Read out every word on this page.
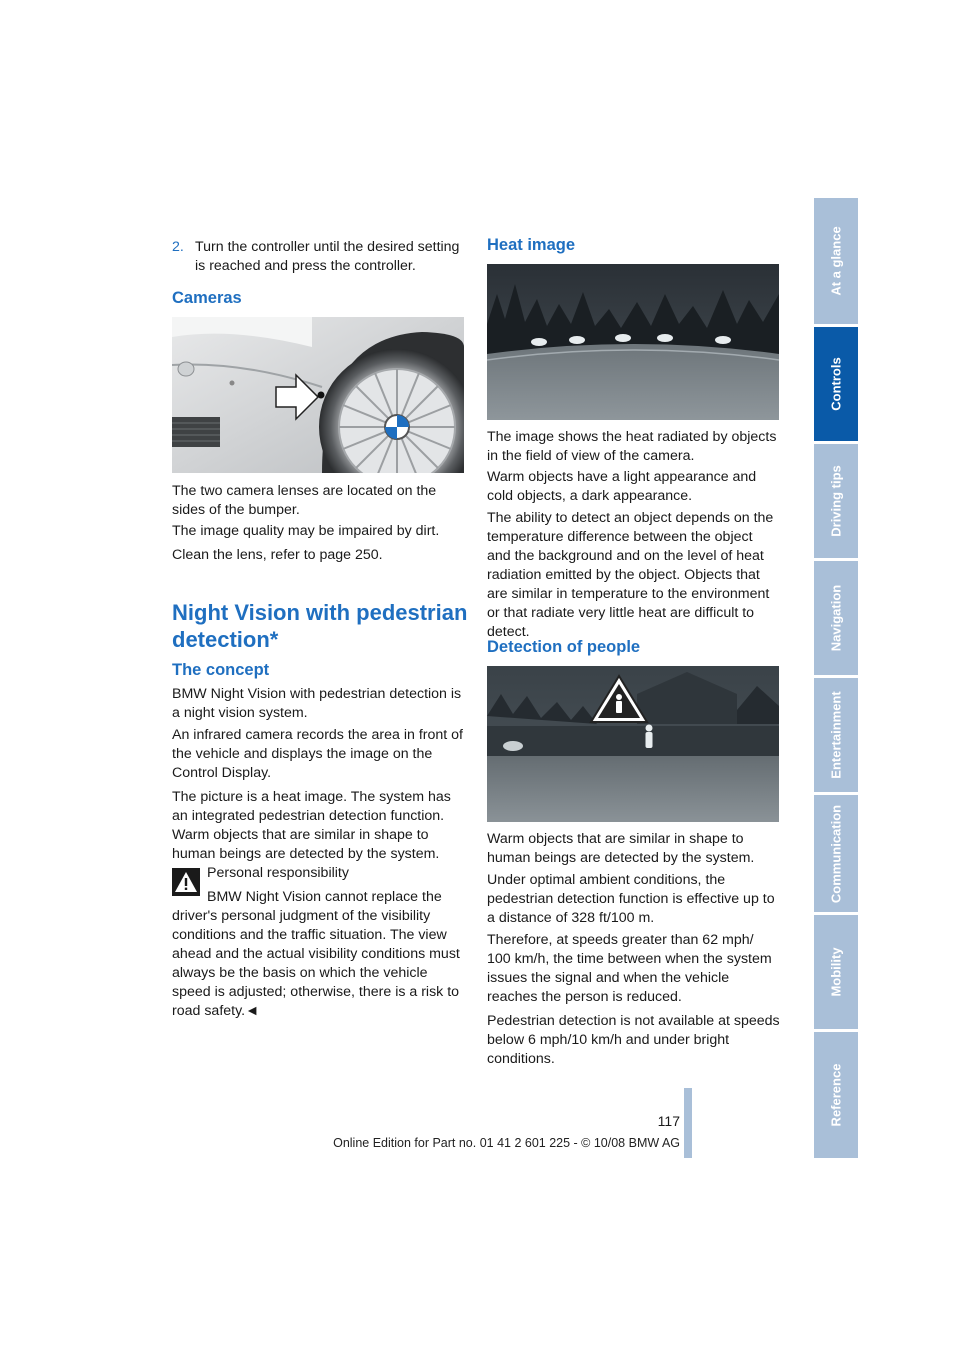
At a glance
Controls
Driving tips
Navigation
Entertainment
Communication
Mobility
Reference
2. Turn the controller until the desired setting is reached and press the controller.

Cameras

The two camera lenses are located on the sides of the bumper.

The image quality may be impaired by dirt.

Clean the lens, refer to page 250.

Night Vision with pedestrian
detection*
The concept

BMW Night Vision with pedestrian detection is a night vision system.

An infrared camera records the area in front of the vehicle and displays the image on the Control Display.

The picture is a heat image. The system has an integrated pedestrian detection function. Warm objects that are similar in shape to human beings are detected by the system.

Personal responsibility

BMW Night Vision cannot replace the driver's personal judgment of the visibility conditions and the traffic situation. The view ahead and the actual visibility conditions must always be the basis on which the vehicle speed is adjusted; otherwise, there is a risk to road safety.◄

Heat image

The image shows the heat radiated by objects in the field of view of the camera.

Warm objects have a light appearance and cold objects, a dark appearance.

The ability to detect an object depends on the temperature difference between the object and the background and on the level of heat radiation emitted by the object. Objects that are similar in temperature to the environment or that radiate very little heat are difficult to detect.

Detection of people

Warm objects that are similar in shape to human beings are detected by the system.

Under optimal ambient conditions, the pedestrian detection function is effective up to a distance of 328 ft/100 m.

Therefore, at speeds greater than 62 mph/ 100 km/h, the time between when the system issues the signal and when the vehicle reaches the person is reduced.

Pedestrian detection is not available at speeds below 6 mph/10 km/h and under bright conditions.

117
Online Edition for Part no. 01 41 2 601 225 - © 10/08 BMW AG
